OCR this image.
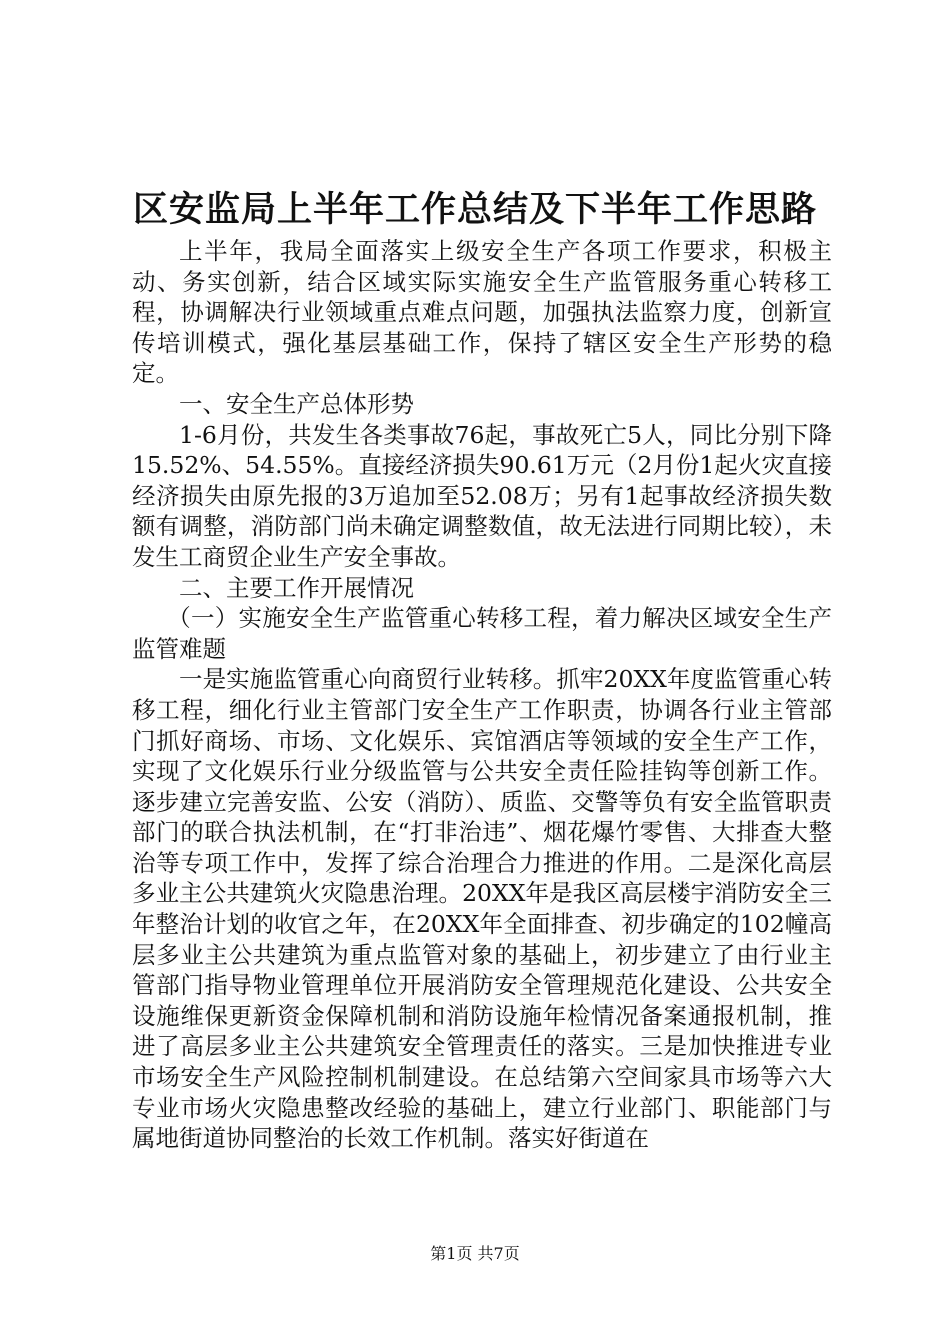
区安监局上半年工作总结及下半年工作思路

上半年，我局全面落实上级安全生产各项工作要求，积极主动、务实创新，结合区域实际实施安全生产监管服务重心转移工程，协调解决行业领域重点难点问题，加强执法监察力度，创新宣传培训模式，强化基层基础工作，保持了辖区安全生产形势的稳定。

一、安全生产总体形势

1-6月份，共发生各类事故76起，事故死亡5人，同比分别下降15.52%、54.55%。直接经济损失90.61万元（2月份1起火灾直接经济损失由原先报的3万追加至52.08万；另有1起事故经济损失数额有调整，消防部门尚未确定调整数值，故无法进行同期比较），未发生工商贸企业生产安全事故。

二、主要工作开展情况

（一）实施安全生产监管重心转移工程，着力解决区域安全生产监管难题

一是实施监管重心向商贸行业转移。抓牢20XX年度监管重心转移工程，细化行业主管部门安全生产工作职责，协调各行业主管部门抓好商场、市场、文化娱乐、宾馆酒店等领域的安全生产工作，实现了文化娱乐行业分级监管与公共安全责任险挂钩等创新工作。逐步建立完善安监、公安（消防）、质监、交警等负有安全监管职责部门的联合执法机制，在“打非治违”、烟花爆竹零售、大排查大整治等专项工作中，发挥了综合治理合力推进的作用。二是深化高层多业主公共建筑火灾隐患治理。20XX年是我区高层楼宇消防安全三年整治计划的收官之年，在20XX年全面排查、初步确定的102幢高层多业主公共建筑为重点监管对象的基础上，初步建立了由行业主管部门指导物业管理单位开展消防安全管理规范化建设、公共安全设施维保更新资金保障机制和消防设施年检情况备案通报机制，推进了高层多业主公共建筑安全管理责任的落实。三是加快推进专业市场安全生产风险控制机制建设。在总结第六空间家具市场等六大专业市场火灾隐患整改经验的基础上，建立行业部门、职能部门与属地街道协同整治的长效工作机制。落实好街道在

第1页 共7页
